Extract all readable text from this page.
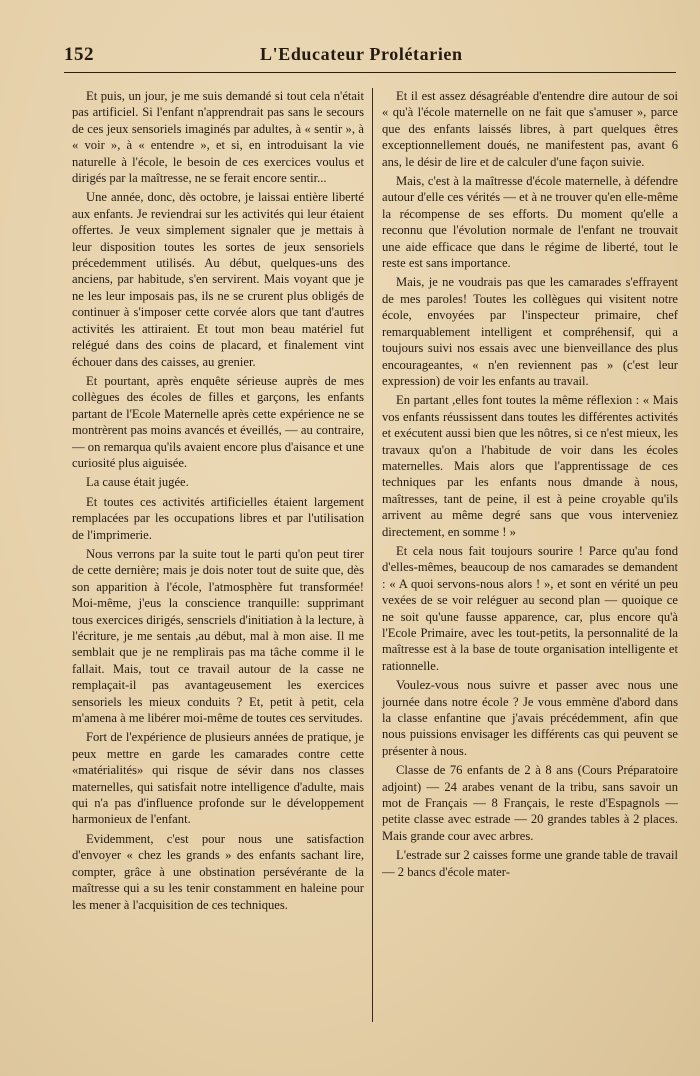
152	L'Educateur Prolétarien

Et puis, un jour, je me suis demandé si tout cela n'était pas artificiel. Si l'enfant n'apprendrait pas sans le secours de ces jeux sensoriels imaginés par adultes, à « sentir », à « voir », à « entendre », et si, en introduisant la vie naturelle à l'école, le besoin de ces exercices voulus et dirigés par la maîtresse, ne se ferait encore sentir...

Une année, donc, dès octobre, je laissai entière liberté aux enfants. Je reviendrai sur les activités qui leur étaient offertes. Je veux simplement signaler que je mettais à leur disposition toutes les sortes de jeux sensoriels précedemment utilisés. Au début, quelques-uns des anciens, par habitude, s'en servirent. Mais voyant que je ne les leur imposais pas, ils ne se crurent plus obligés de continuer à s'imposer cette corvée alors que tant d'autres activités les attiraient. Et tout mon beau matériel fut relégué dans des coins de placard, et finalement vint échouer dans des caisses, au grenier.

Et pourtant, après enquête sérieuse auprès de mes collègues des écoles de filles et garçons, les enfants partant de l'Ecole Maternelle après cette expérience ne se montrèrent pas moins avancés et éveillés, — au contraire, — on remarqua qu'ils avaient encore plus d'aisance et une curiosité plus aiguisée.

La cause était jugée.

Et toutes ces activités artificielles étaient largement remplacées par les occupations libres et par l'utilisation de l'imprimerie.

Nous verrons par la suite tout le parti qu'on peut tirer de cette dernière; mais je dois noter tout de suite que, dès son apparition à l'école, l'atmosphère fut transformée! Moi-même, j'eus la conscience tranquille: supprimant tous exercices dirigés, senscriels d'initiation à la lecture, à l'écriture, je me sentais ,au début, mal à mon aise. Il me semblait que je ne remplirais pas ma tâche comme il le fallait. Mais, tout ce travail autour de la casse ne remplaçait-il pas avantageusement les exercices sensoriels les mieux conduits ? Et, petit à petit, cela m'amena à me libérer moi-même de toutes ces servitudes.

Fort de l'expérience de plusieurs années de pratique, je peux mettre en garde les camarades contre cette «matérialités» qui risque de sévir dans nos classes maternelles, qui satisfait notre intelligence d'adulte, mais qui n'a pas d'influence profonde sur le développement harmonieux de l'enfant.

Evidemment, c'est pour nous une satisfaction d'envoyer « chez les grands » des enfants sachant lire, compter, grâce à une obstination persévérante de la maîtresse qui a su les tenir constamment en haleine pour les mener à l'acquisition de ces techniques.

Et il est assez désagréable d'entendre dire autour de soi « qu'à l'école maternelle on ne fait que s'amuser », parce que des enfants laissés libres, à part quelques êtres exceptionnellement doués, ne manifestent pas, avant 6 ans, le désir de lire et de calculer d'une façon suivie.

Mais, c'est à la maîtresse d'école maternelle, à défendre autour d'elle ces vérités — et à ne trouver qu'en elle-même la récompense de ses efforts. Du moment qu'elle a reconnu que l'évolution normale de l'enfant ne trouvait une aide efficace que dans le régime de liberté, tout le reste est sans importance.

Mais, je ne voudrais pas que les camarades s'effrayent de mes paroles! Toutes les collègues qui visitent notre école, envoyées par l'inspecteur primaire, chef remarquablement intelligent et compréhensif, qui a toujours suivi nos essais avec une bienveillance des plus encourageantes, « n'en reviennent pas » (c'est leur expression) de voir les enfants au travail.

En partant ,elles font toutes la même réflexion : « Mais vos enfants réussissent dans toutes les différentes activités et exécutent aussi bien que les nôtres, si ce n'est mieux, les travaux qu'on a l'habitude de voir dans les écoles maternelles. Mais alors que l'apprentissage de ces techniques par les enfants nous dmande à nous, maîtresses, tant de peine, il est à peine croyable qu'ils arrivent au même degré sans que vous interveniez directement, en somme ! »

Et cela nous fait toujours sourire ! Parce qu'au fond d'elles-mêmes, beaucoup de nos camarades se demandent : « A quoi servons-nous alors ! », et sont en vérité un peu vexées de se voir reléguer au second plan — quoique ce ne soit qu'une fausse apparence, car, plus encore qu'à l'Ecole Primaire, avec les tout-petits, la personnalité de la maîtresse est à la base de toute organisation intelligente et rationnelle.

Voulez-vous nous suivre et passer avec nous une journée dans notre école ? Je vous emmène d'abord dans la classe enfantine que j'avais précédemment, afin que nous puissions envisager les différents cas qui peuvent se présenter à nous.

Classe de 76 enfants de 2 à 8 ans (Cours Préparatoire adjoint) — 24 arabes venant de la tribu, sans savoir un mot de Français — 8 Français, le reste d'Espagnols — petite classe avec estrade — 20 grandes tables à 2 places. Mais grande cour avec arbres.

L'estrade sur 2 caisses forme une grande table de travail — 2 bancs d'école mater-
